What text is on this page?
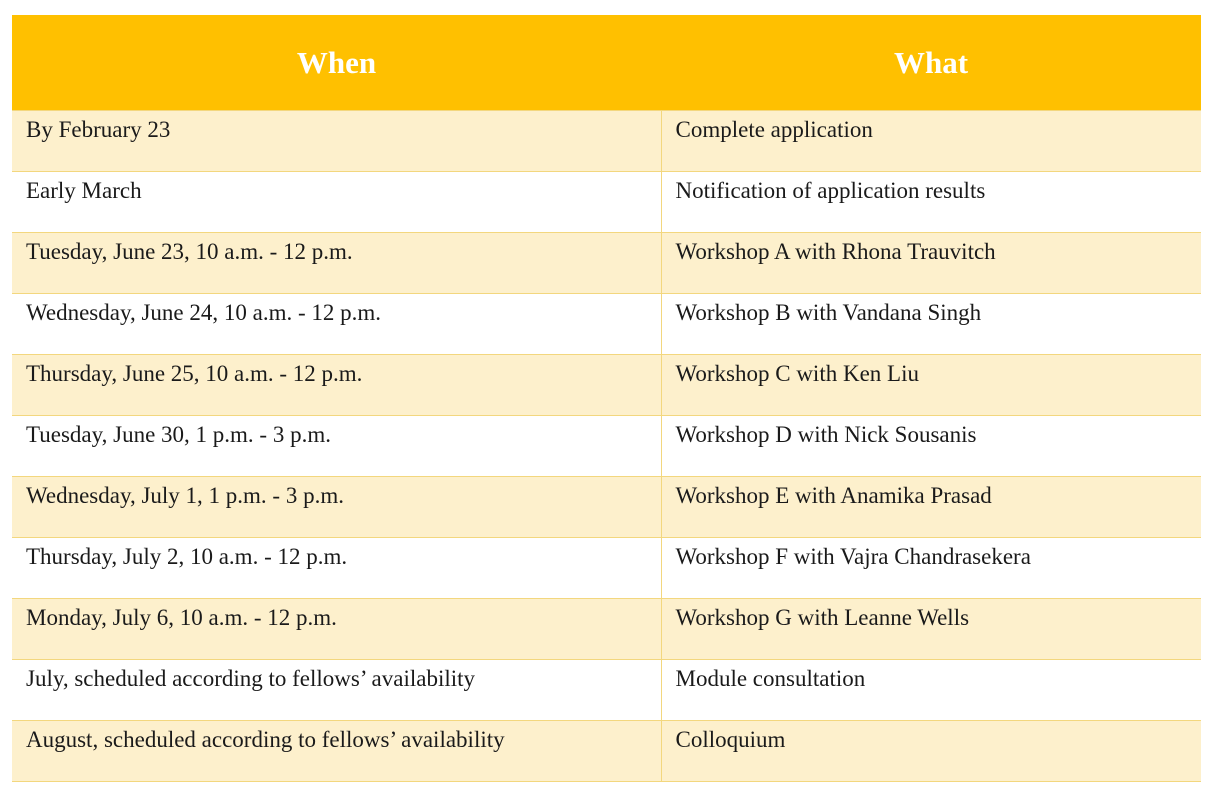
When	What

By February 23	Complete application

Early March	Notification of application results

Tuesday, June 23, 10 a.m. - 12 p.m.	Workshop A with Rhona Trauvitch

Wednesday, June 24, 10 a.m. - 12 p.m.	Workshop B with Vandana Singh

Thursday, June 25, 10 a.m. - 12 p.m.	Workshop C with Ken Liu

Tuesday, June 30, 1 p.m. - 3 p.m.	Workshop D with Nick Sousanis

Wednesday, July 1, 1 p.m. - 3 p.m.	Workshop E with Anamika Prasad

Thursday, July 2, 10 a.m. - 12 p.m.	Workshop F with Vajra Chandrasekera

Monday, July 6, 10 a.m. - 12 p.m.	Workshop G with Leanne Wells

July, scheduled according to fellows’ availability	Module consultation

August, scheduled according to fellows’ availability	Colloquium
